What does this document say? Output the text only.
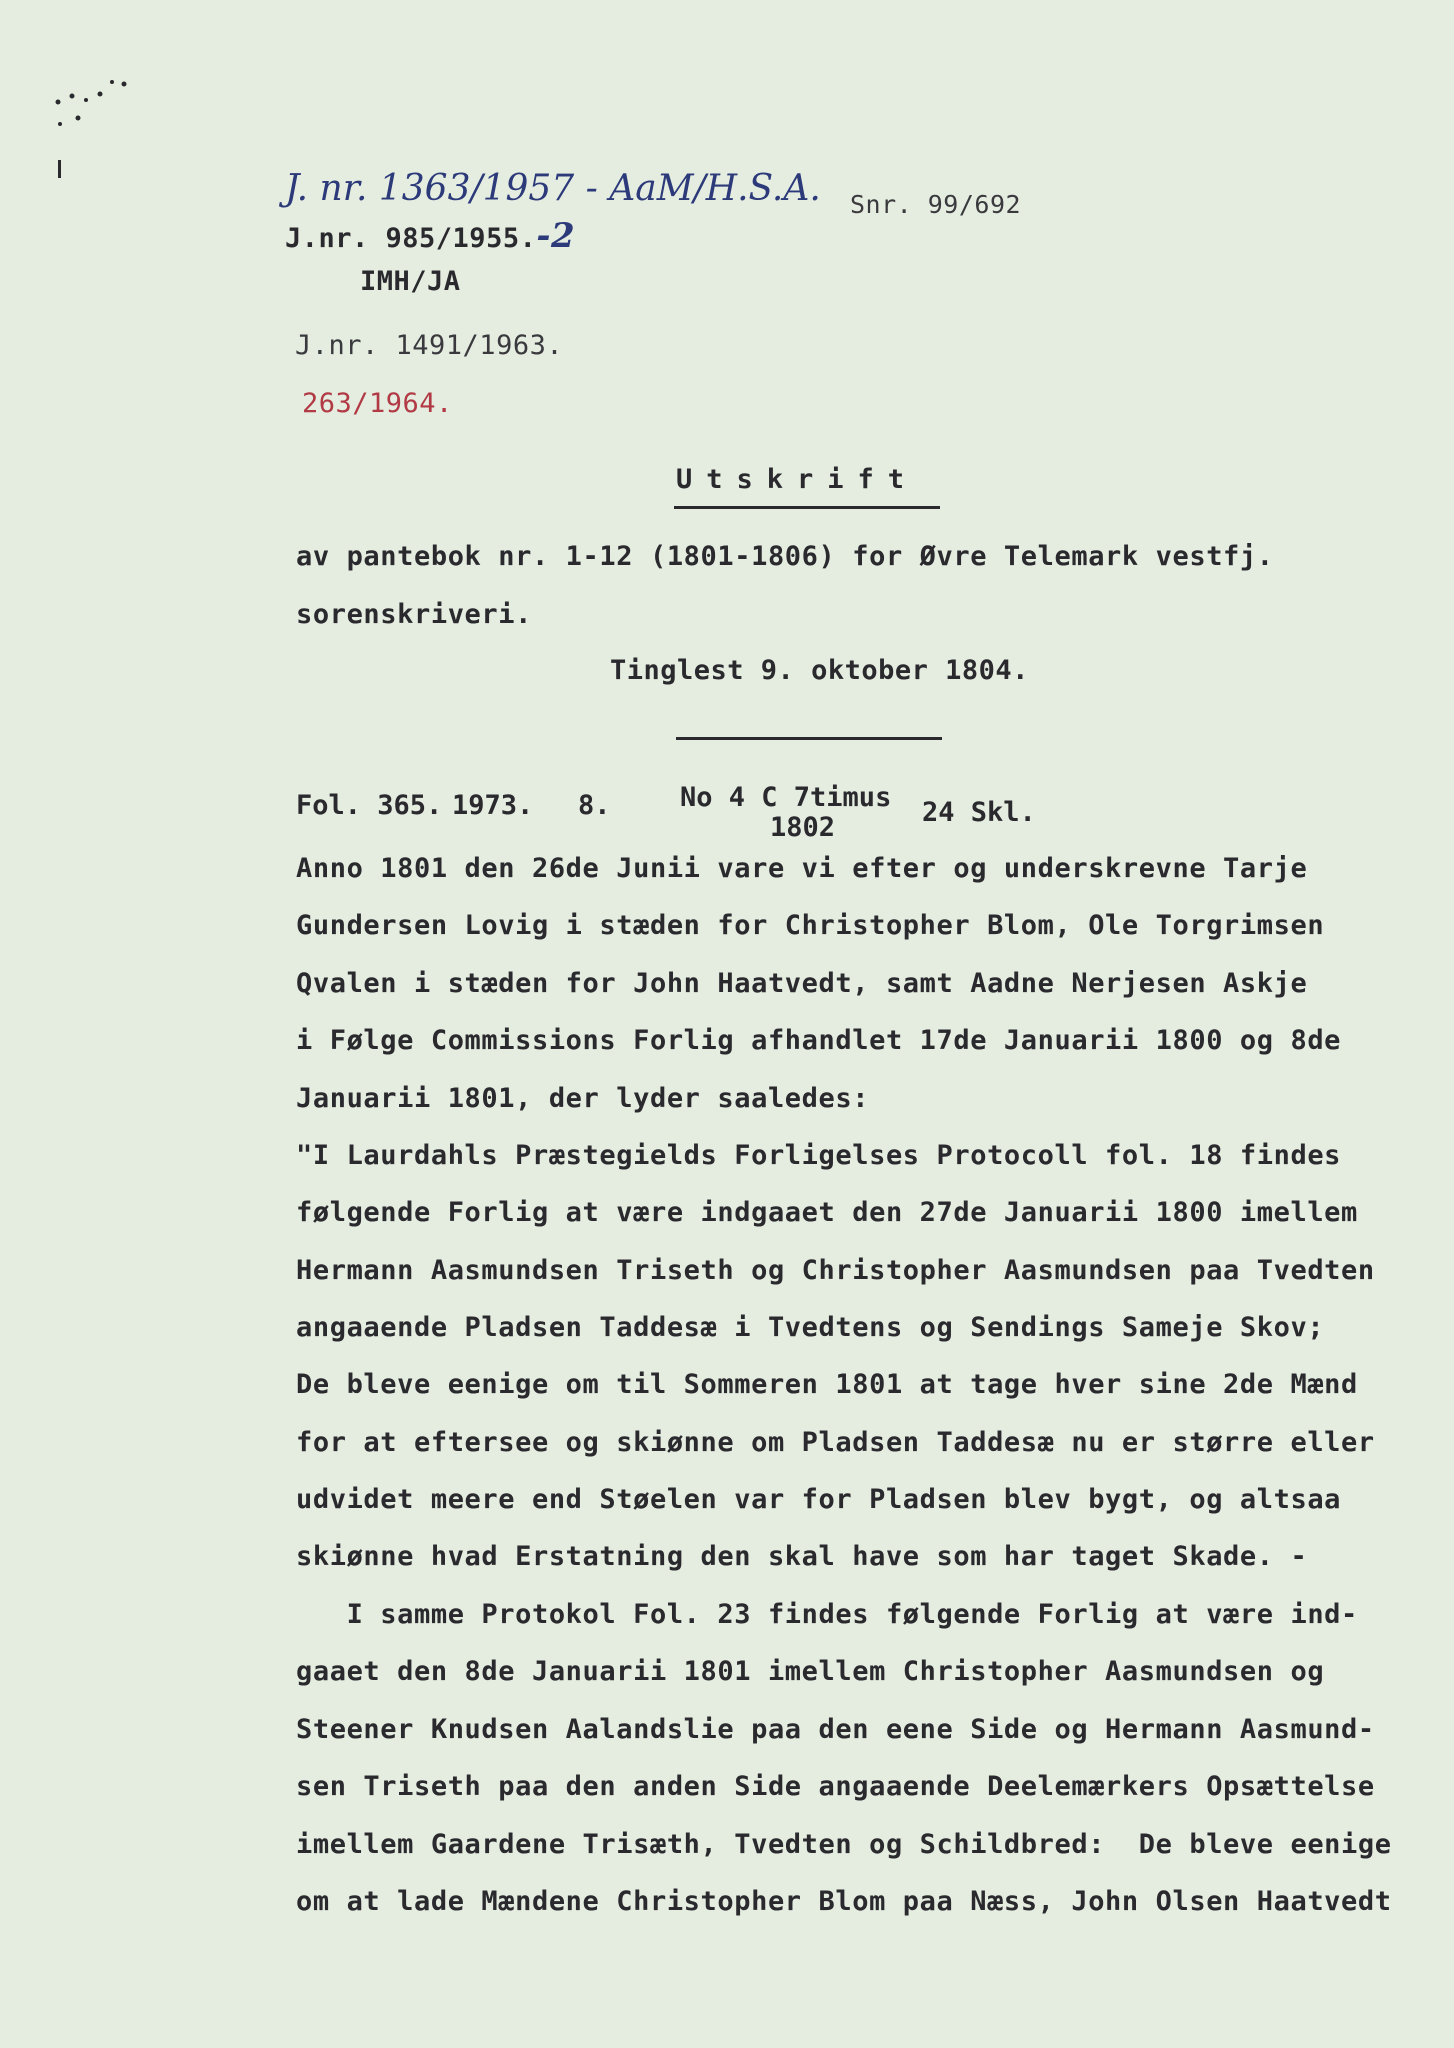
J. nr. 1363/1957 - AaM/H.S.A.
J.nr. 985/1955.-2
Snr. 99/692
IMH/JA
J.nr. 1491/1963.
263/1964.
Utskrift
av pantebok nr. 1-12 (1801-1806) for Øvre Telemark vestfj.
sorenskriveri.
Tinglest 9. oktober 1804.
Fol. 365. 1973. 8.	No 4 C 7timus
1802	24 Skl.
Anno 1801 den 26de Junii vare vi efter og underskrevne Tarje
Gundersen Lovig i stæden for Christopher Blom, Ole Torgrimsen
Qvalen i stæden for John Haatvedt, samt Aadne Nerjesen Askje
i Følge Commissions Forlig afhandlet 17de Januarii 1800 og 8de
Januarii 1801, der lyder saaledes:
"I Laurdahls Præstegields Forligelses Protocoll fol. 18 findes
følgende Forlig at være indgaaet den 27de Januarii 1800 imellem
Hermann Aasmundsen Triseth og Christopher Aasmundsen paa Tvedten
angaaende Pladsen Taddesæ i Tvedtens og Sendings Sameje Skov;
De bleve eenige om til Sommeren 1801 at tage hver sine 2de Mænd
for at eftersee og skiønne om Pladsen Taddesæ nu er større eller
udvidet meere end Støelen var for Pladsen blev bygt, og altsaa
skiønne hvad Erstatning den skal have som har taget Skade. -
I samme Protokol Fol. 23 findes følgende Forlig at være ind-
gaaet den 8de Januarii 1801 imellem Christopher Aasmundsen og
Steener Knudsen Aalandslie paa den eene Side og Hermann Aasmund-
sen Triseth paa den anden Side angaaende Deelemærkers Opsættelse
imellem Gaardene Trisæth, Tvedten og Schildbred:  De bleve eenige
om at lade Mændene Christopher Blom paa Næss, John Olsen Haatvedt
